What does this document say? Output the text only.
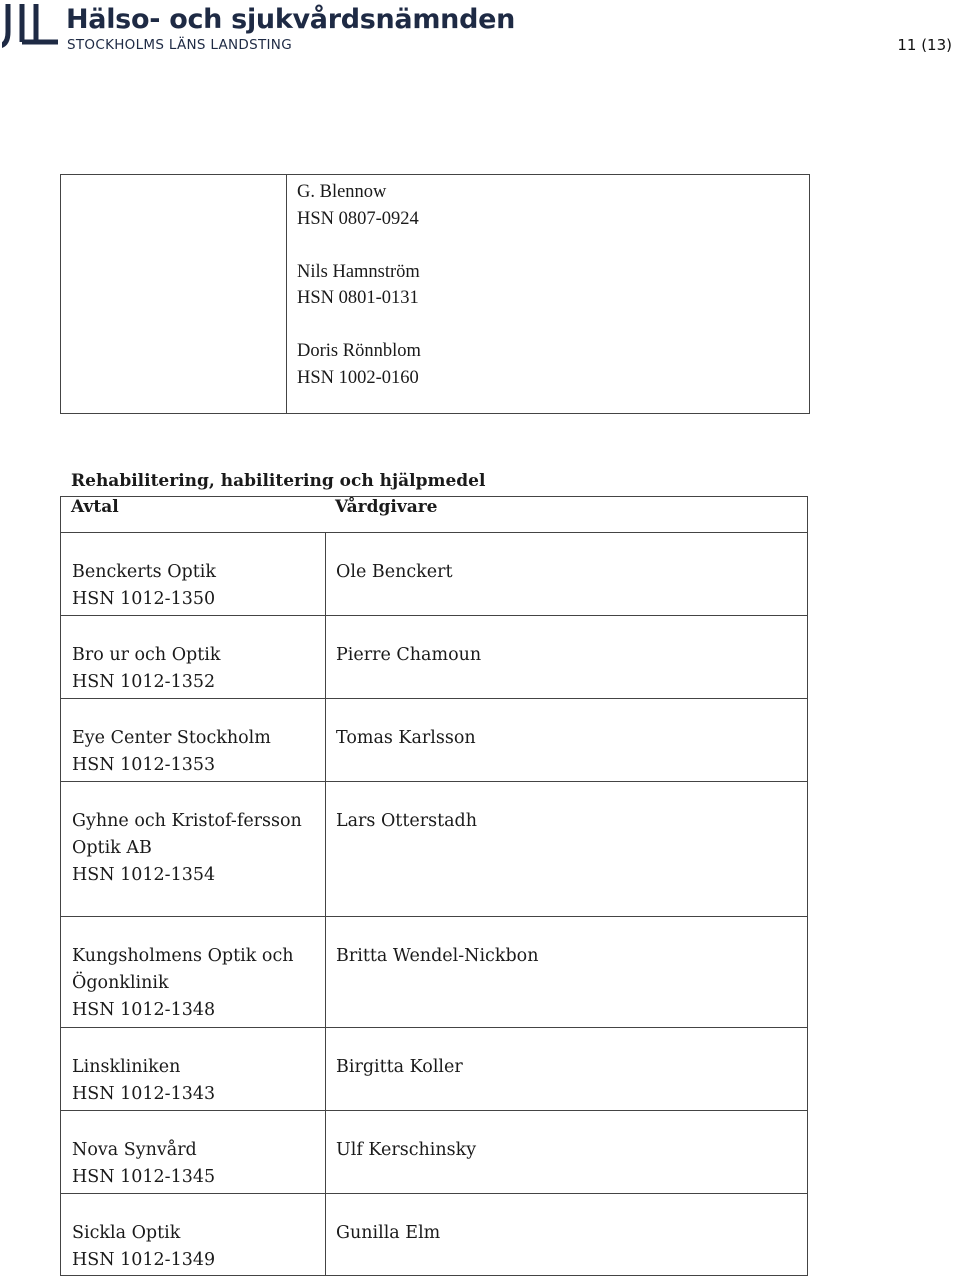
Hälso- och sjukvårdsnämnden
STOCKHOLMS LÄNS LANDSTING	11 (13)
G. Blennow
HSN 0807-0924
Nils Hamnström
HSN 0801-0131
Doris Rönnblom
HSN 1002-0160
Rehabilitering, habilitering och hjälpmedel
Avtal	Vårdgivare
Benckerts Optik
HSN 1012-1350
Ole Benckert
Bro ur och Optik
HSN 1012-1352
Pierre Chamoun
Eye Center Stockholm
HSN 1012-1353
Tomas Karlsson
Gyhne och Kristof-fersson
Optik AB
HSN 1012-1354
Lars Otterstadh
Kungsholmens Optik och
Ögonklinik
HSN 1012-1348
Britta Wendel-Nickbon
Linskliniken
HSN 1012-1343
Birgitta Koller
Nova Synvård
HSN 1012-1345
Ulf Kerschinsky
Sickla Optik
HSN 1012-1349
Gunilla Elm
